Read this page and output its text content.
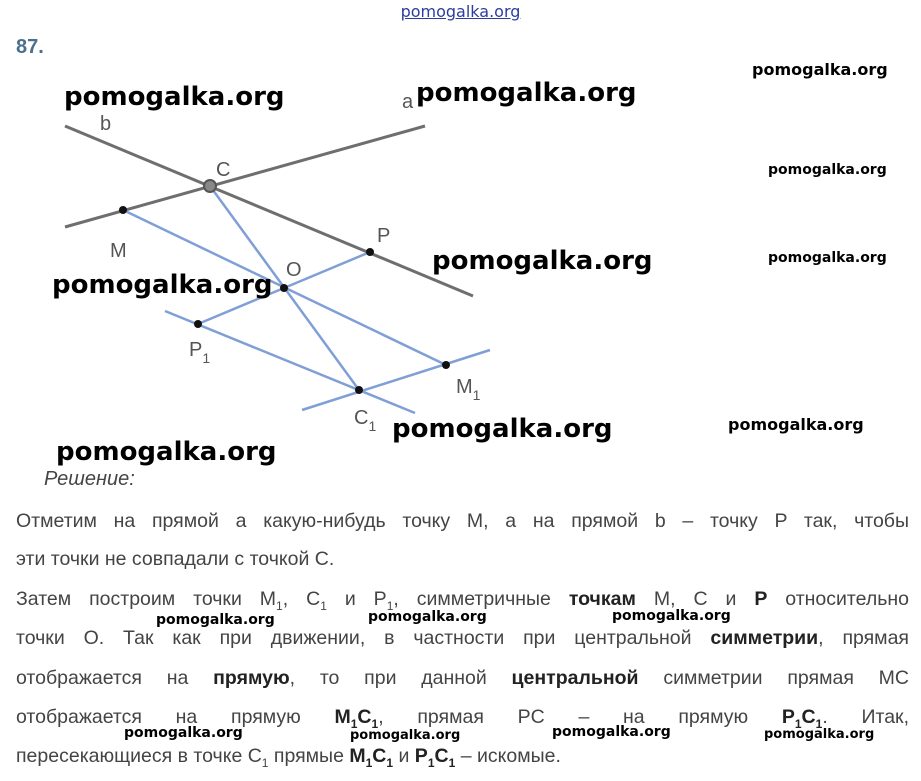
pomogalka.org
87.
a
b
C
M
P
O
$P_1$
$M_1$
$C_1$
pomogalka.org	pomogalka.org
pomogalka.org
pomogalka.org
pomogalka.org	pomogalka.org
pomogalka.org
pomogalka.org	pomogalka.org
pomogalka.org
Решение:
Отметим на прямой a какую-нибудь точку M, а на прямой b – точку P так, чтобы
эти точки не совпадали с точкой C.
Затем построим точки $M_1$, $C_1$ и $P_1$, симметричные точкам M, C и P относительно
точки O. Так как при движении, в частности при центральной симметрии, прямая
отображается на прямую, то при данной центральной симметрии прямая MC
отображается на прямую $M_1C_1$, прямая PC – на прямую $P_1C_1$. Итак,
пересекающиеся в точке $C_1$ прямые $M_1C_1$ и $P_1C_1$ – искомые.
pomogalka.org	pomogalka.org	pomogalka.org
pomogalka.org	pomogalka.org	pomogalka.org	pomogalka.org
